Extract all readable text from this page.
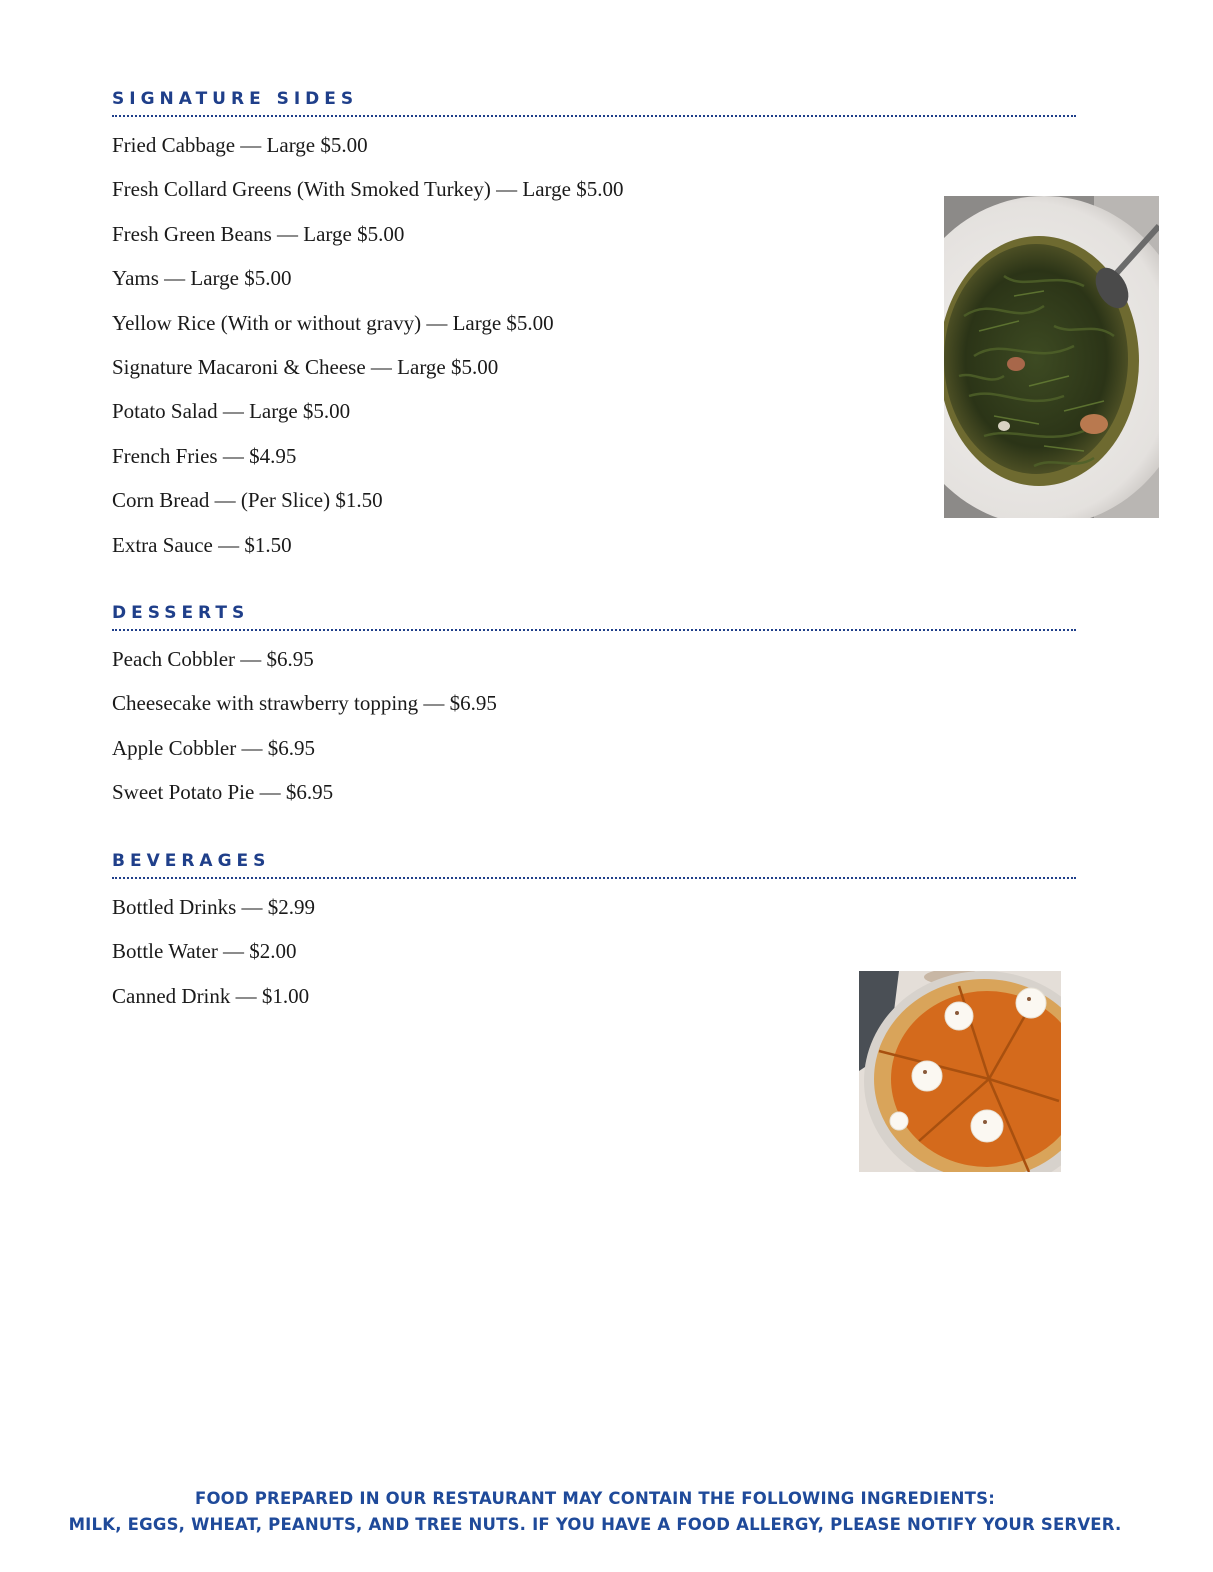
SIGNATURE SIDES
Fried Cabbage — Large $5.00
Fresh Collard Greens (With Smoked Turkey) — Large $5.00
Fresh Green Beans — Large $5.00
Yams — Large $5.00
Yellow Rice (With or without gravy) — Large $5.00
Signature Macaroni & Cheese — Large $5.00
Potato Salad — Large $5.00
French Fries — $4.95
Corn Bread — (Per Slice) $1.50
Extra Sauce — $1.50
DESSERTS
Peach Cobbler — $6.95
Cheesecake with strawberry topping — $6.95
Apple Cobbler — $6.95
Sweet Potato Pie — $6.95
BEVERAGES
Bottled Drinks — $2.99
Bottle Water — $2.00
Canned Drink — $1.00
FOOD PREPARED IN OUR RESTAURANT MAY CONTAIN THE FOLLOWING INGREDIENTS:
MILK, EGGS, WHEAT, PEANUTS, AND TREE NUTS. IF YOU HAVE A FOOD ALLERGY, PLEASE NOTIFY YOUR SERVER.
